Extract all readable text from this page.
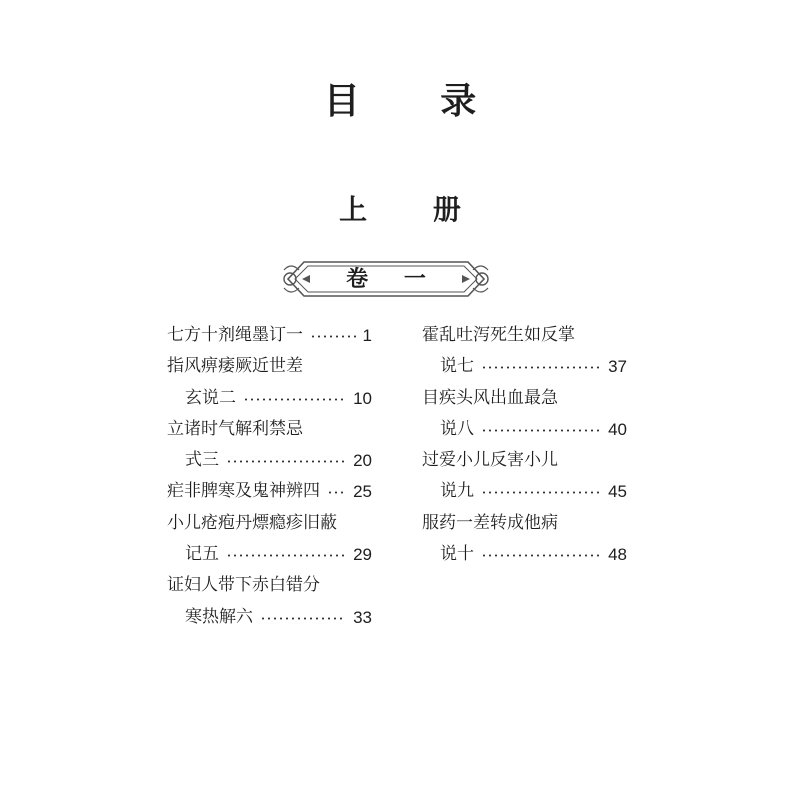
目 录
上 册
卷 一
七方十剂绳墨订一	1
指风痹痿厥近世差
玄说二	10
立诸时气解利禁忌
式三	20
疟非脾寒及鬼神辨四 25
小儿疮疱丹熛瘾疹旧蔽
记五	29
证妇人带下赤白错分
寒热解六	33
霍乱吐泻死生如反掌
说七	37
目疾头风出血最急
说八	40
过爱小儿反害小儿
说九	45
服药一差转成他病
说十	48
